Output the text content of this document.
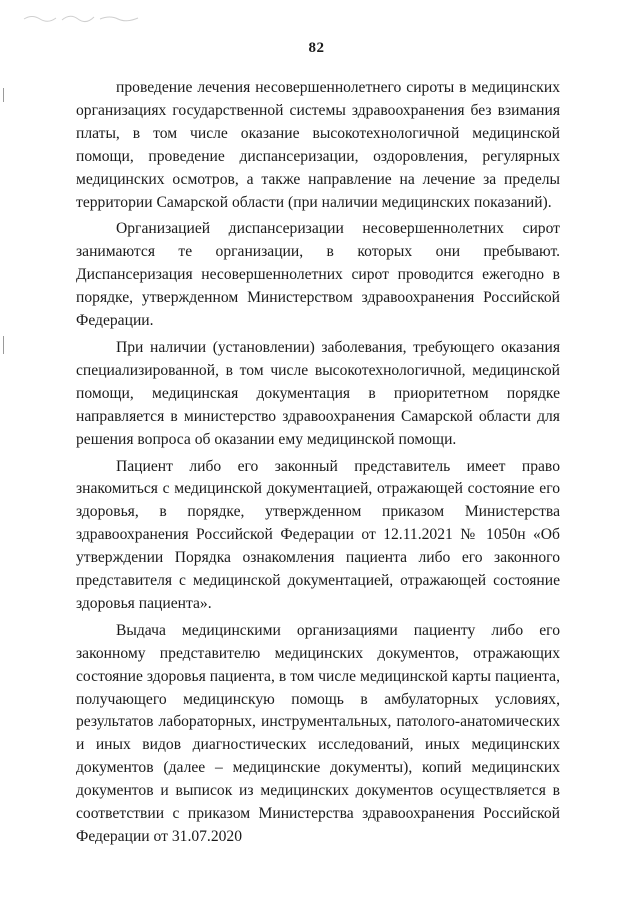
82

проведение лечения несовершеннолетнего сироты в медицинских организациях государственной системы здравоохранения без взимания платы, в том числе оказание высокотехнологичной медицинской помощи, проведение диспансеризации, оздоровления, регулярных медицинских осмотров, а также направление на лечение за пределы территории Самарской области (при наличии медицинских показаний).

Организацией диспансеризации несовершеннолетних сирот занимаются те организации, в которых они пребывают. Диспансеризация несовершеннолетних сирот проводится ежегодно в порядке, утвержденном Министерством здравоохранения Российской Федерации.

При наличии (установлении) заболевания, требующего оказания специализированной, в том числе высокотехнологичной, медицинской помощи, медицинская документация в приоритетном порядке направляется в министерство здравоохранения Самарской области для решения вопроса об оказании ему медицинской помощи.

Пациент либо его законный представитель имеет право знакомиться с медицинской документацией, отражающей состояние его здоровья, в порядке, утвержденном приказом Министерства здравоохранения Российской Федерации от 12.11.2021 № 1050н «Об утверждении Порядка ознакомления пациента либо его законного представителя с медицинской документацией, отражающей состояние здоровья пациента».

Выдача медицинскими организациями пациенту либо его законному представителю медицинских документов, отражающих состояние здоровья пациента, в том числе медицинской карты пациента, получающего медицинскую помощь в амбулаторных условиях, результатов лабораторных, инструментальных, патолого-анатомических и иных видов диагностических исследований, иных медицинских документов (далее – медицинские документы), копий медицинских документов и выписок из медицинских документов осуществляется в соответствии с приказом Министерства здравоохранения Российской Федерации от 31.07.2020
